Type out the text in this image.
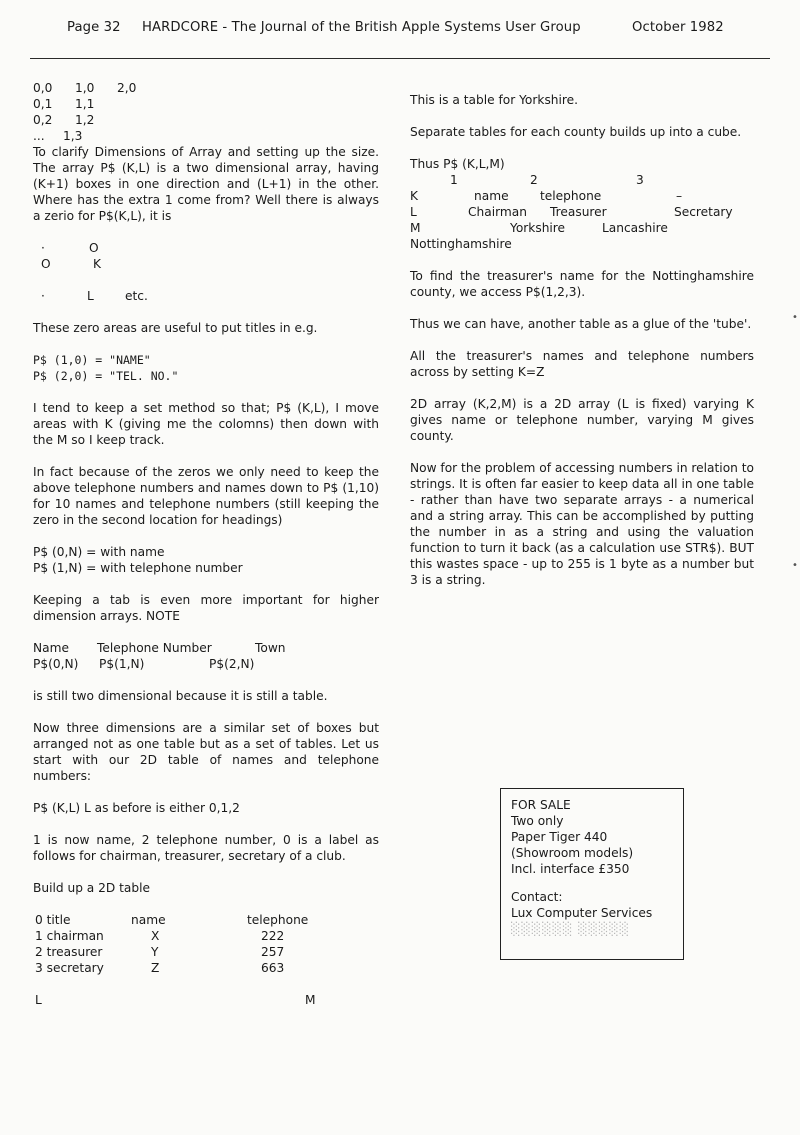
Page 32 HARDCORE - The Journal of the British Apple Systems User Group	October 1982
0,0 1,0 2,0
0,1 1,1
0,2 1,2
... 1,3

To clarify Dimensions of Array and setting up the size. The array P$ (K,L) is a two dimensional array, having (K+1) boxes in one direction and (L+1) in the other. Where has the extra 1 come from? Well there is always a zerio for P$(K,L), it is

·	O
O	K
·	L	etc.

These zero areas are useful to put titles in e.g.

P$ (1,0) = "NAME"

P$ (2,0) = "TEL. NO."

I tend to keep a set method so that; P$ (K,L), I move areas with K (giving me the colomns) then down with the M so I keep track.

In fact because of the zeros we only need to keep the above telephone numbers and names down to P$ (1,10) for 10 names and telephone numbers (still keeping the zero in the second location for headings)

P$ (0,N) = with name

P$ (1,N) = with telephone number

Keeping a tab is even more important for higher dimension arrays. NOTE

Name Telephone Number	Town
P$(0,N) P$(1,N)	P$(2,N)

is still two dimensional because it is still a table.

Now three dimensions are a similar set of boxes but arranged not as one table but as a set of tables. Let us start with our 2D table of names and telephone numbers:

P$ (K,L) L as before is either 0,1,2

1 is now name, 2 telephone number, 0 is a label as follows for chairman, treasurer, secretary of a club.

Build up a 2D table

0 title	name	telephone
1 chairman	X	222
2 treasurer	Y	257
3 secretary	Z	663
L	M

This is a table for Yorkshire.

Separate tables for each county builds up into a cube.

Thus P$ (K,L,M)

1	2	3
K	name	telephone	–
L	Chairman Treasurer	Secretary
M	Yorkshire	Lancashire

Nottinghamshire

To find the treasurer's name for the Nottinghamshire county, we access P$(1,2,3).

Thus we can have, another table as a glue of the 'tube'.

All the treasurer's names and telephone numbers across by setting K=Z

2D array (K,2,M) is a 2D array (L is fixed) varying K gives name or telephone number, varying M gives county.

Now for the problem of accessing numbers in relation to strings. It is often far easier to keep data all in one table - rather than have two separate arrays - a numerical and a string array. This can be accomplished by putting the number in as a string and using the valuation function to turn it back (as a calculation use STR$). BUT this wastes space - up to 255 is 1 byte as a number but 3 is a string.

FOR SALE

Two only

Paper Tiger 440

(Showroom models)

Incl. interface £350

Contact:

Lux Computer Services

░░░░░░ ░░░░░

•
•
